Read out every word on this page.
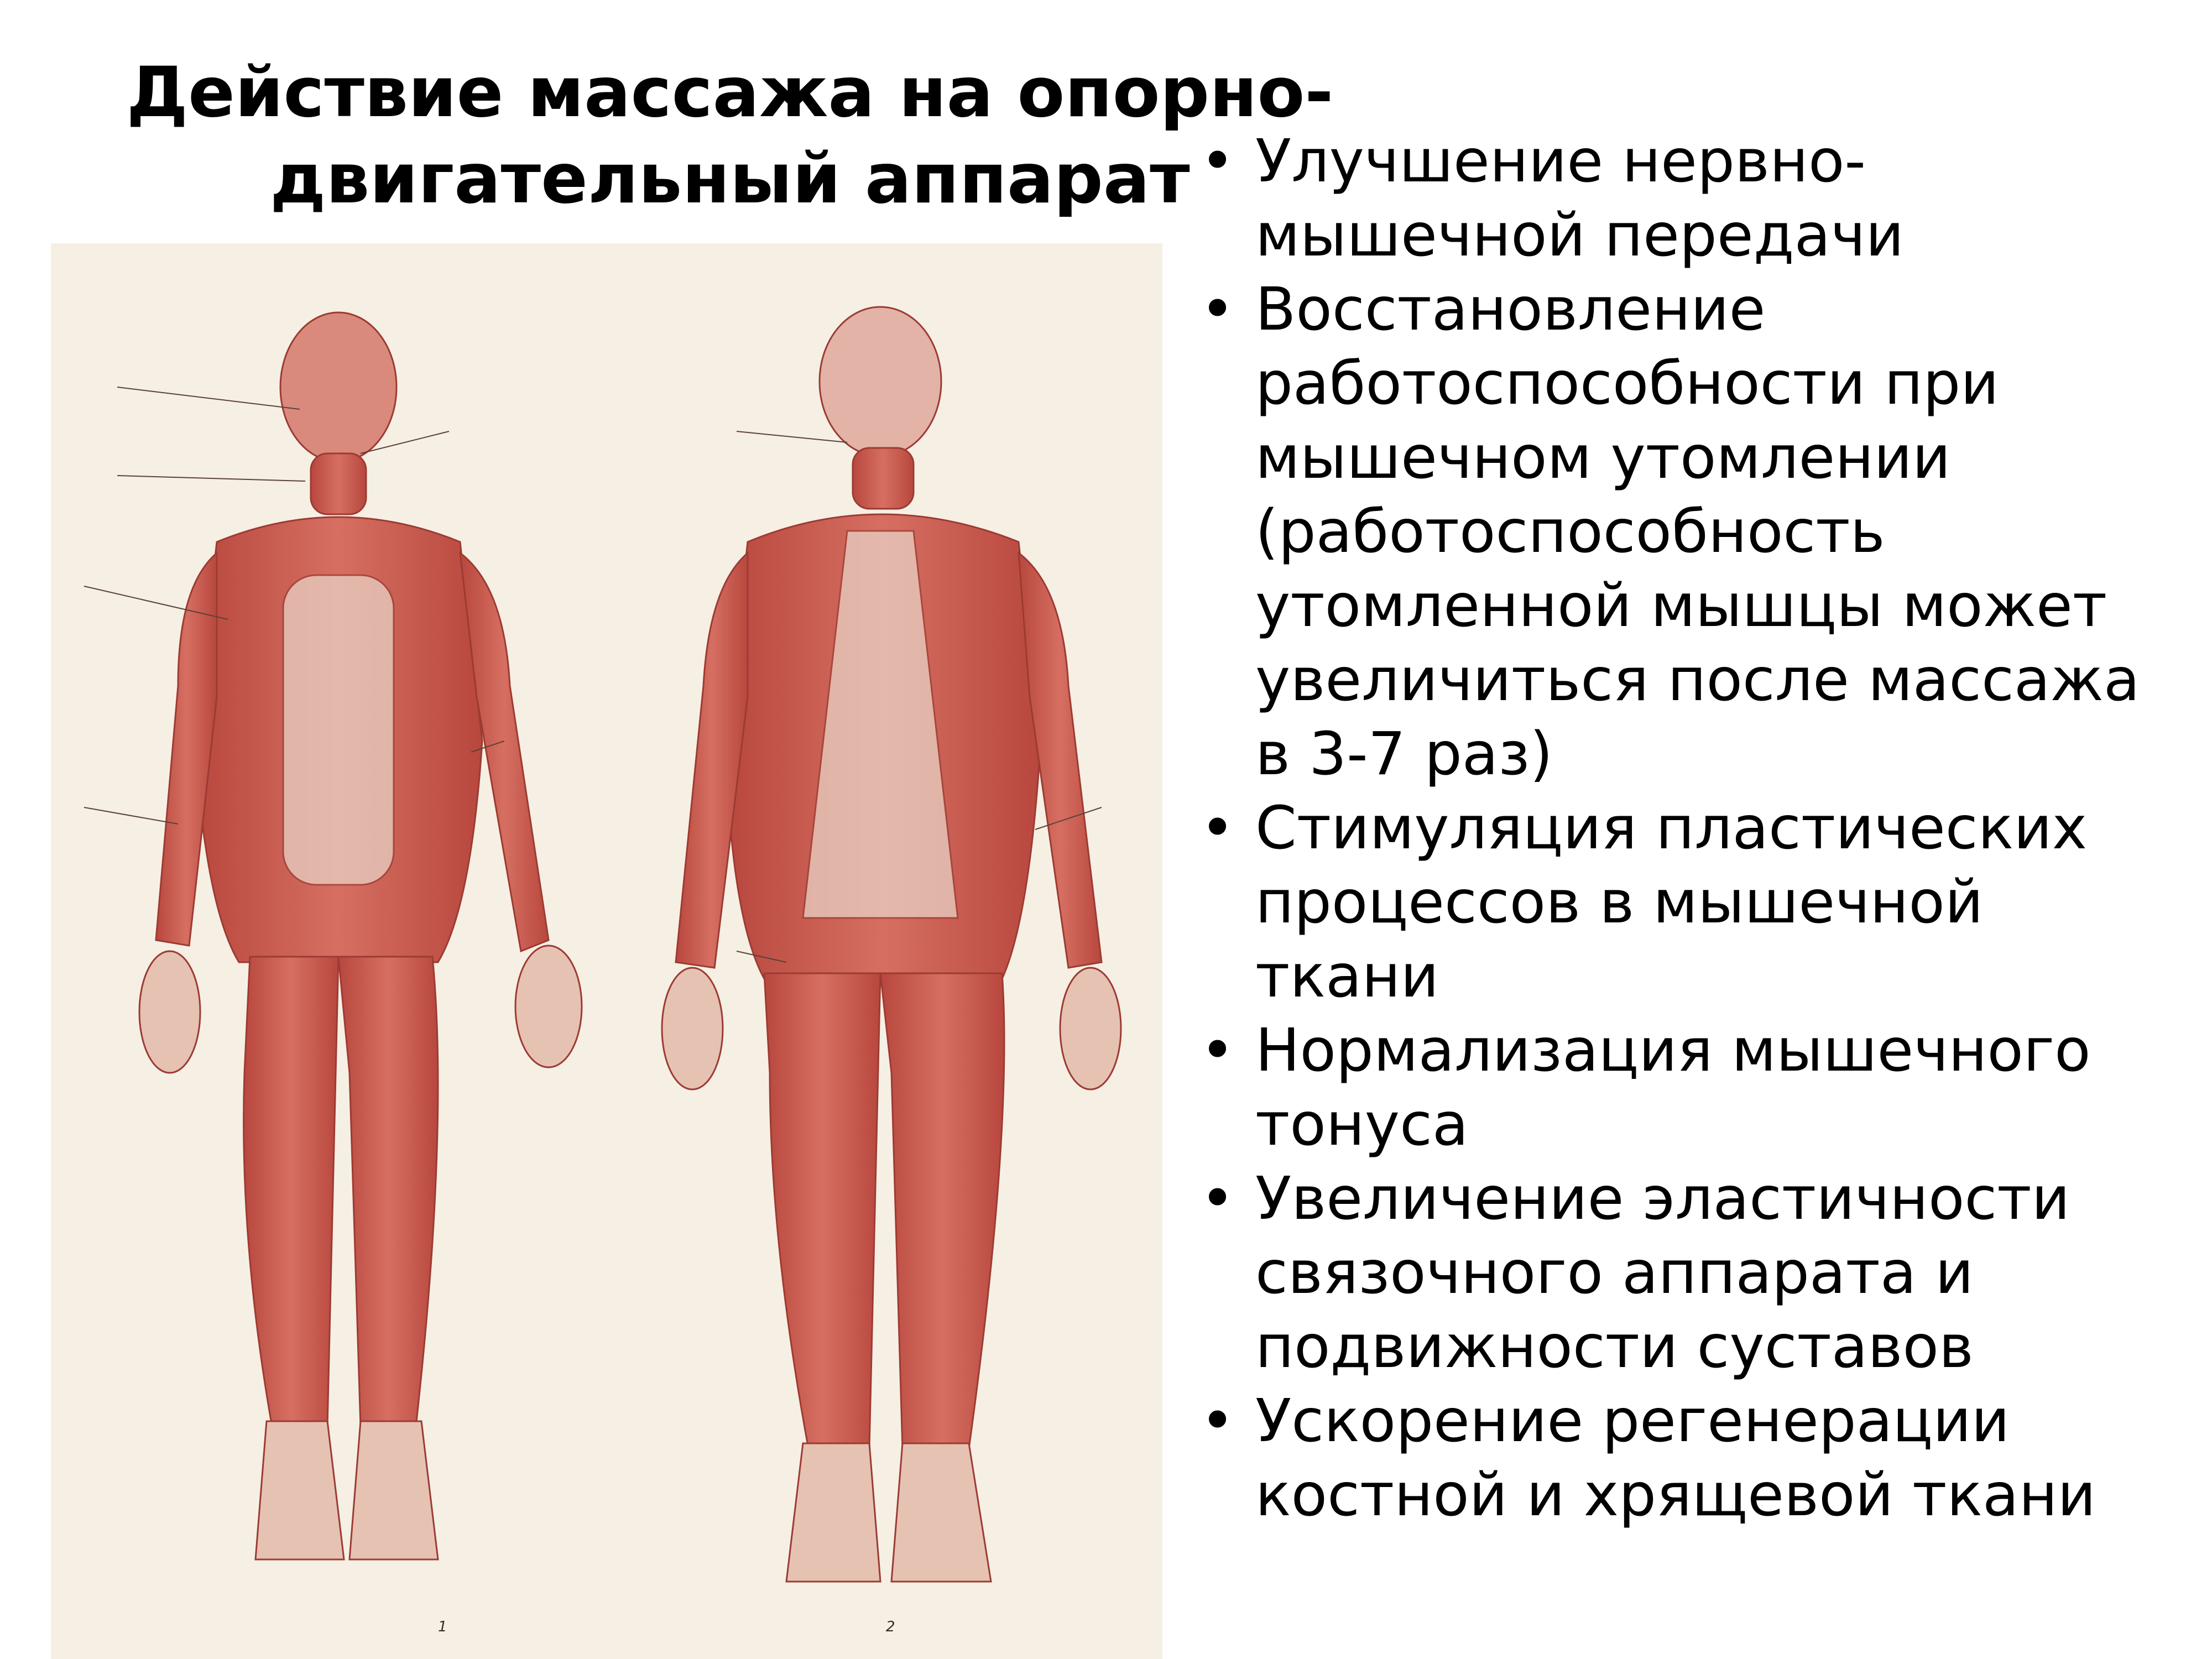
Действие массажа на опорно-
двигательный аппарат
1	2
• Улучшение нервно-
мышечной передачи
• Восстановление
работоспособности при
мышечном утомлении
(работоспособность
утомленной мышцы может
увеличиться после массажа
в 3-7 раз)
• Стимуляция пластических
процессов в мышечной
ткани
• Нормализация мышечного
тонуса
• Увеличение эластичности
связочного аппарата и
подвижности суставов
• Ускорение регенерации
костной и хрящевой ткани
